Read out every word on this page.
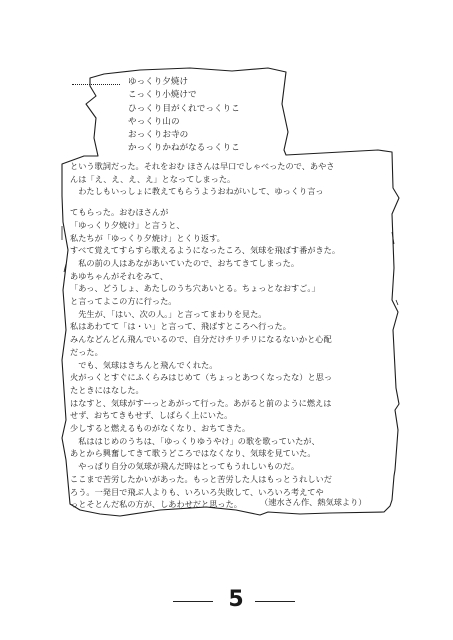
ゆっくり夕焼け
こっくり小焼けで
ひっくり目がくれでっくりこ
やっくり山の
おっくりお寺の
かっくりかねがなるっくりこ

という歌詞だった。それをおむ ほさんは早口でしゃべったので、あやさ

んは「え、え、え、え」となってしまった。

　わたしもいっしょに教えてもらうようおねがいして、ゆっくり言っ

てもらった。おむほさんが

「ゆっくり夕焼け」と言うと、

私たちが「ゆっくり夕焼け」とくり返す。

すべて覚えてすらすら歌えるようになったころ、気球を飛ばす番がきた。

　私の前の人はあながあいていたので、おちてきてしまった。

あゆちゃんがそれをみて、

「あっ、どうしょ、あたしのうち穴あいとる。ちょっとなおすご。」

と言ってよこの方に行った。

　先生が、「はい、次の人。」と言ってまわりを見た。

私はあわてて「は・い」と言って、飛ばすところへ行った。

みんなどんどん飛んでいるので、自分だけチリチリになるないかと心配

だった。

　でも、気球はきちんと飛んでくれた。

火がっくとすぐにふくらみはじめて（ちょっとあつくなったな）と思っ

たときにはなした。

はなすと、気球がすーっとあがって行った。あがると前のように燃えは

せず、おちてきもせず、しばらく上にいた。

少しすると燃えるものがなくなり、おちてきた。

　私ははじめのうちは、「ゆっくりゆうやけ」の歌を歌っていたが、

あとから興奮してきて歌うどころではなくなり、気球を見ていた。

　やっぱり自分の気球が飛んだ時はとってもうれしいものだ。

ここまで苦労したかいがあった。もっと苦労した人はもっとうれしいだ

ろう。一発目で飛ぶ人よりも、いろいろ失敗して、いろいろ考えてや

っとそとんだ私の方が、しあわせだと思った。	（速水さん作、熱気球より）
5
